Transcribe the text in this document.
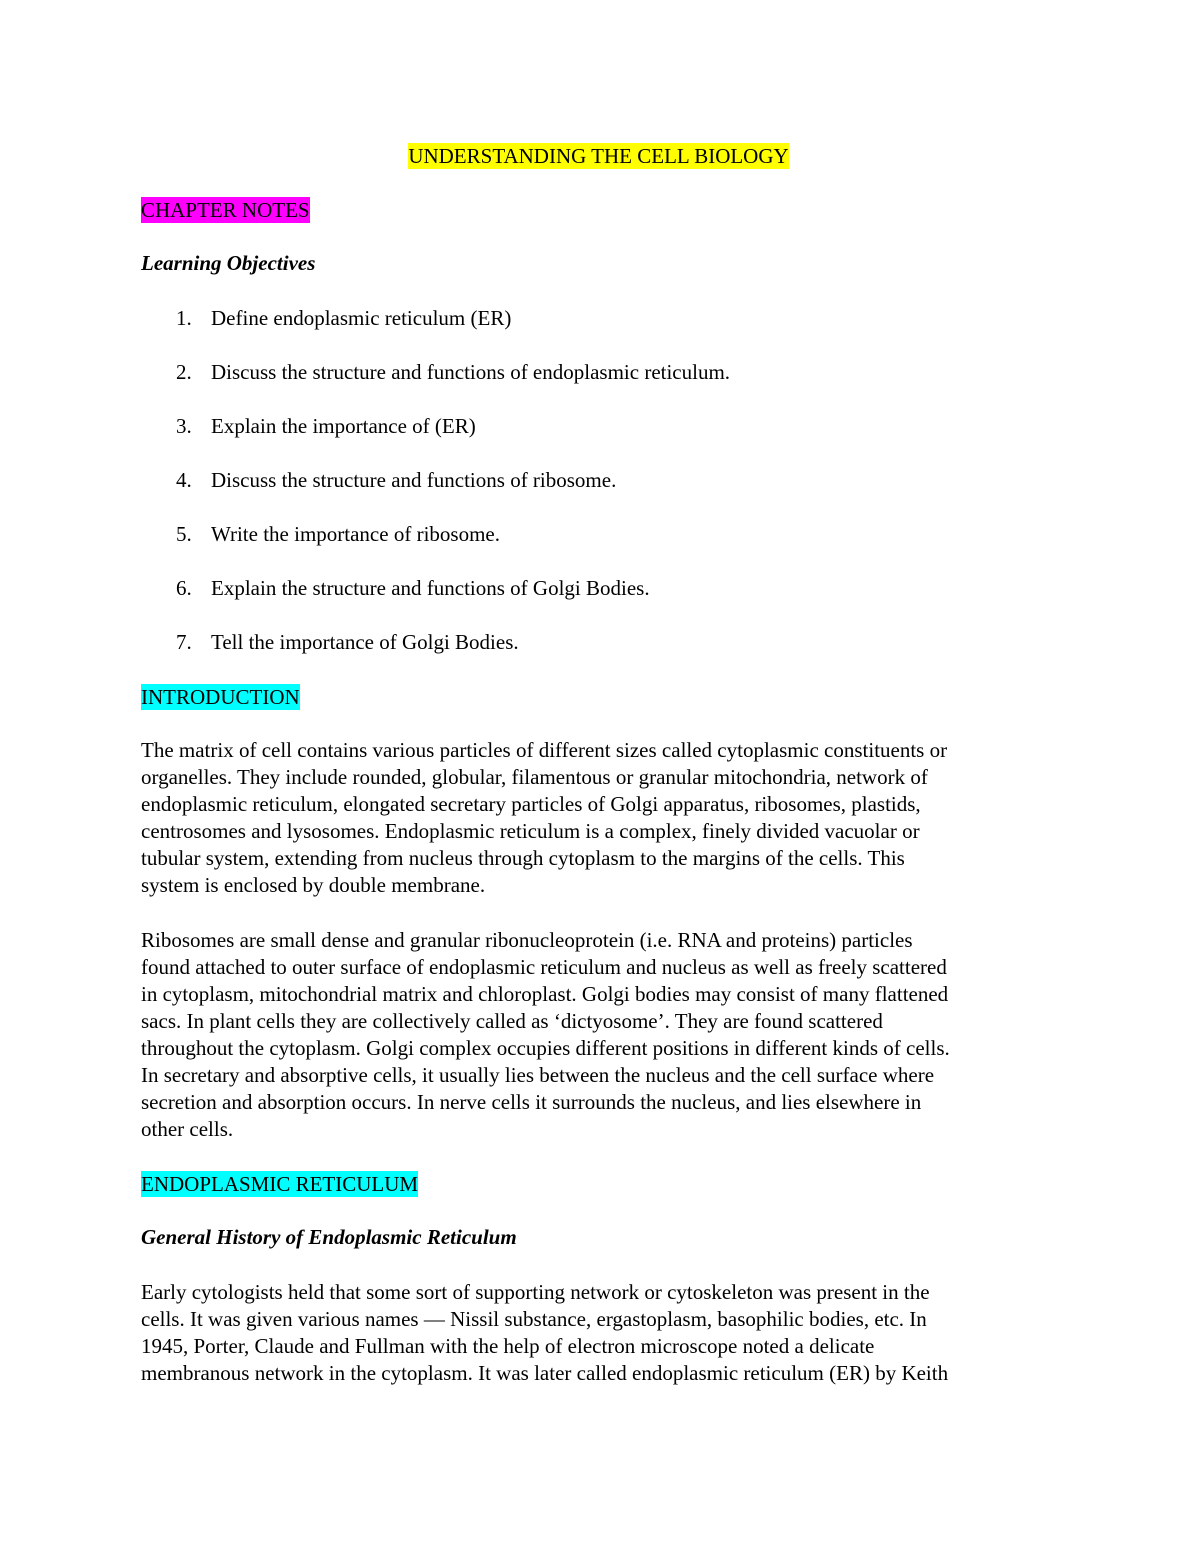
UNDERSTANDING THE CELL BIOLOGY
CHAPTER NOTES
Learning Objectives
1. Define endoplasmic reticulum (ER)
2. Discuss the structure and functions of endoplasmic reticulum.
3. Explain the importance of (ER)
4. Discuss the structure and functions of ribosome.
5. Write the importance of ribosome.
6. Explain the structure and functions of Golgi Bodies.
7. Tell the importance of Golgi Bodies.
INTRODUCTION
The matrix of cell contains various particles of different sizes called cytoplasmic constituents or
organelles. They include rounded, globular, filamentous or granular mitochondria, network of
endoplasmic reticulum, elongated secretary particles of Golgi apparatus, ribosomes, plastids,
centrosomes and lysosomes. Endoplasmic reticulum is a complex, finely divided vacuolar or
tubular system, extending from nucleus through cytoplasm to the margins of the cells. This
system is enclosed by double membrane.
Ribosomes are small dense and granular ribonucleoprotein (i.e. RNA and proteins) particles
found attached to outer surface of endoplasmic reticulum and nucleus as well as freely scattered
in cytoplasm, mitochondrial matrix and chloroplast. Golgi bodies may consist of many flattened
sacs. In plant cells they are collectively called as ‘dictyosome’. They are found scattered
throughout the cytoplasm. Golgi complex occupies different positions in different kinds of cells.
In secretary and absorptive cells, it usually lies between the nucleus and the cell surface where
secretion and absorption occurs. In nerve cells it surrounds the nucleus, and lies elsewhere in
other cells.
ENDOPLASMIC RETICULUM
General History of Endoplasmic Reticulum
Early cytologists held that some sort of supporting network or cytoskeleton was present in the
cells. It was given various names — Nissil substance, ergastoplasm, basophilic bodies, etc. In
1945, Porter, Claude and Fullman with the help of electron microscope noted a delicate
membranous network in the cytoplasm. It was later called endoplasmic reticulum (ER) by Keith
